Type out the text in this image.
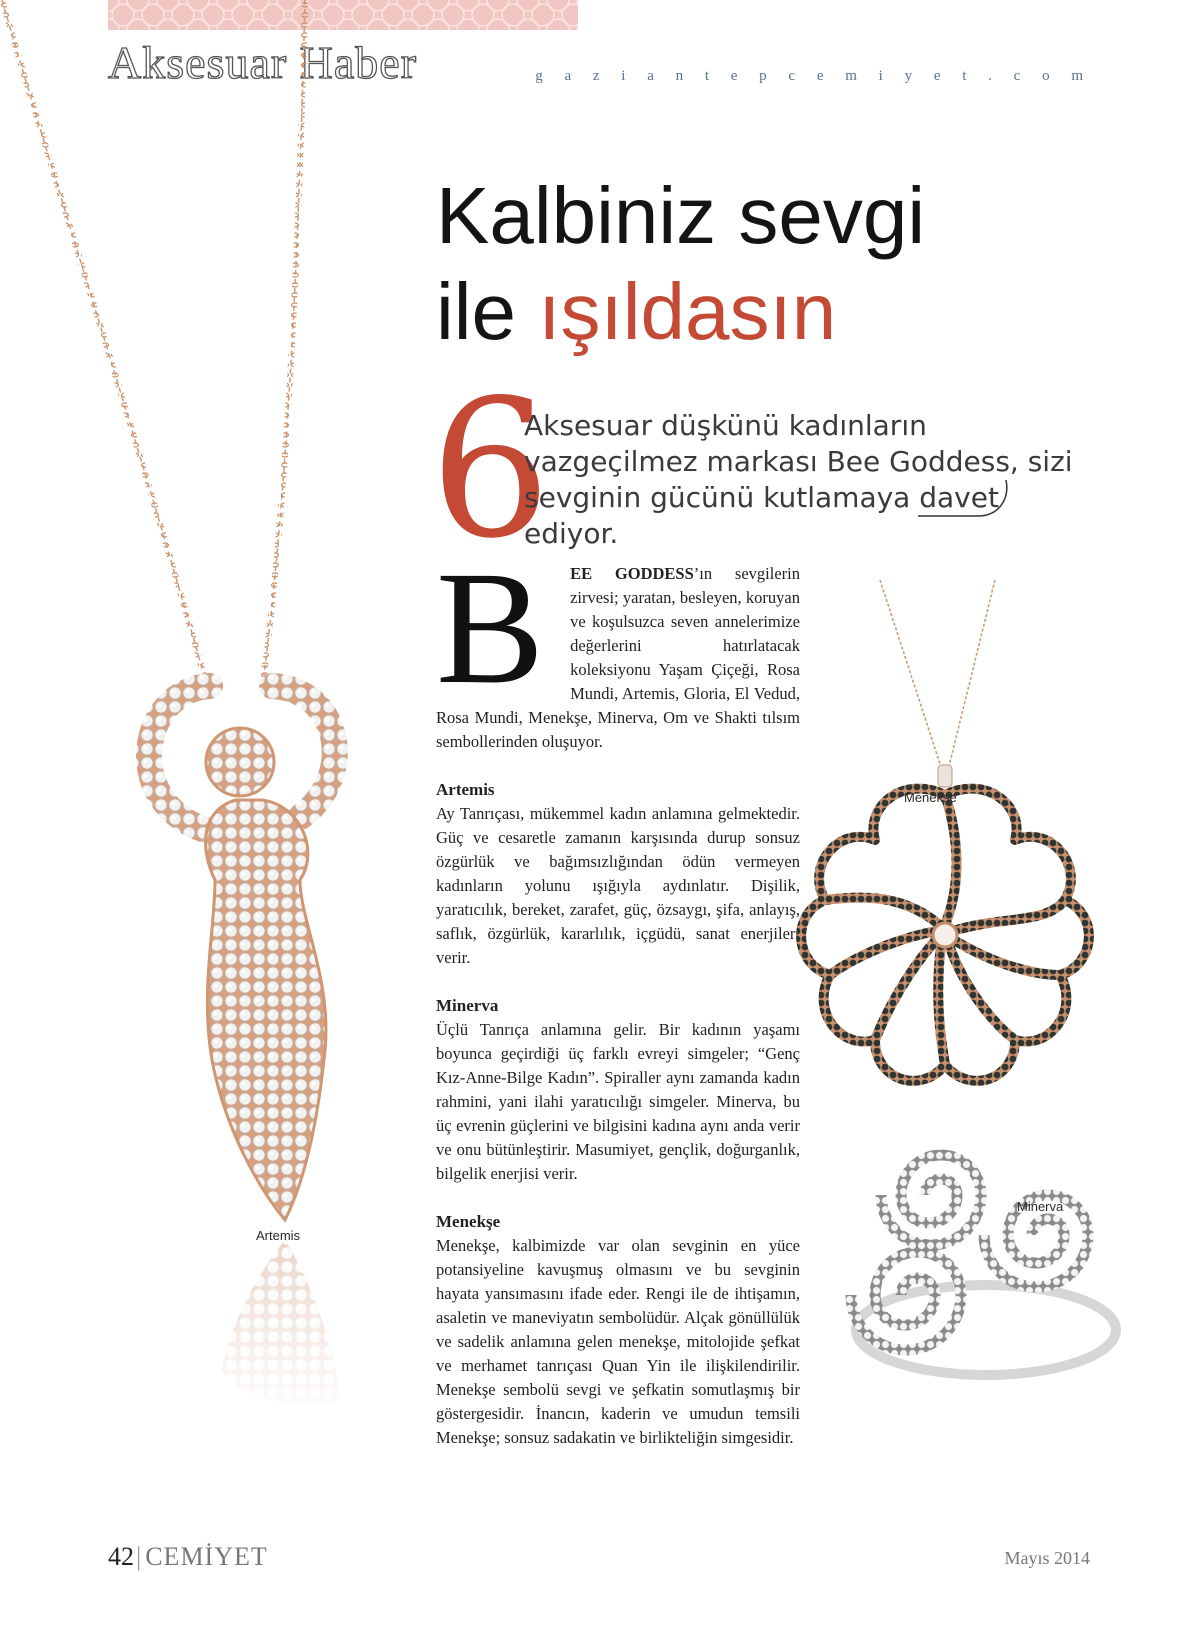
Aksesuar Haber	g a z i a n t e p c e m i y e t . c o m
Kalbiniz sevgi
ile ışıldasın
6
Aksesuar düşkünü kadınların vazgeçilmez markası Bee Goddess, sizi sevginin gücünü kutlamaya davet ediyor.
B EE GODDESS’ın sevgilerin zirvesi; yaratan, besleyen, koruyan ve koşulsuzca seven annelerimize değerlerini hatırlatacak koleksiyonu Yaşam Çiçeği, Rosa Mundi, Artemis, Gloria, El Vedud, Rosa Mundi, Menekşe, Minerva, Om ve Shakti tılsım sembollerinden oluşuyor.
Artemis

Ay Tanrıçası, mükemmel kadın anlamına gelmektedir. Güç ve cesaretle zamanın karşısında durup sonsuz özgürlük ve bağımsızlığından ödün vermeyen kadınların yolunu ışığıyla aydınlatır. Dişilik, yaratıcılık, bereket, zarafet, güç, özsaygı, şifa, anlayış, saflık, özgürlük, kararlılık, içgüdü, sanat enerjileri verir.

Minerva

Üçlü Tanrıça anlamına gelir. Bir kadının yaşamı boyunca geçirdiği üç farklı evreyi simgeler; “Genç Kız-Anne-Bilge Kadın”. Spiraller aynı zamanda kadın rahmini, yani ilahi yaratıcılığı simgeler. Minerva, bu üç evrenin güçlerini ve bilgisini kadına aynı anda verir ve onu bütünleştirir. Masumiyet, gençlik, doğurganlık, bilgelik enerjisi verir.

Menekşe

Menekşe, kalbimizde var olan sevginin en yüce potansiyeline kavuşmuş olmasını ve bu sevginin hayata yansımasını ifade eder. Rengi ile de ihtişamın, asaletin ve maneviyatın sembolüdür. Alçak gönüllülük ve sadelik anlamına gelen menekşe, mitolojide şefkat ve merhamet tanrıçası Quan Yin ile ilişkilendirilir. Menekşe sembolü sevgi ve şefkatin somutlaşmış bir göstergesidir. İnancın, kaderin ve umudun temsili Menekşe; sonsuz sadakatin ve birlikteliğin simgesidir.

Artemis
Menekşe
Minerva
42| CEMİYET	Mayıs 2014
